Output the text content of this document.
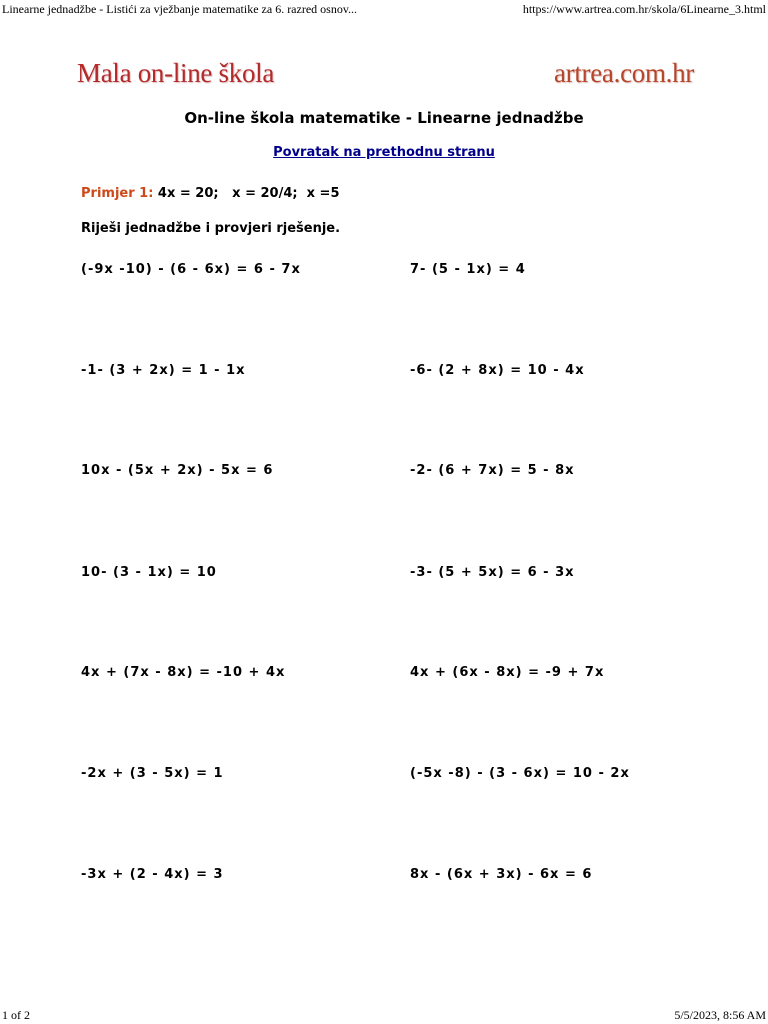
Linearne jednadžbe - Listići za vježbanje matematike za 6. razred osnov...	https://www.artrea.com.hr/skola/6Linearne_3.html
Mala on-line škola	artrea.com.hr
On-line škola matematike - Linearne jednadžbe
Povratak na prethodnu stranu
Primjer 1: 4x = 20;   x = 20/4;  x =5
Riješi jednadžbe i provjeri rješenje.
(-9x -10) - (6 - 6x) = 6 - 7x	7- (5 - 1x) = 4
-1- (3 + 2x) = 1 - 1x	-6- (2 + 8x) = 10 - 4x
10x - (5x + 2x) - 5x = 6	-2- (6 + 7x) = 5 - 8x
10- (3 - 1x) = 10	-3- (5 + 5x) = 6 - 3x
4x + (7x - 8x) = -10 + 4x	4x + (6x - 8x) = -9 + 7x
-2x + (3 - 5x) = 1	(-5x -8) - (3 - 6x) = 10 - 2x
-3x + (2 - 4x) = 3	8x - (6x + 3x) - 6x = 6
1 of 2	5/5/2023, 8:56 AM
